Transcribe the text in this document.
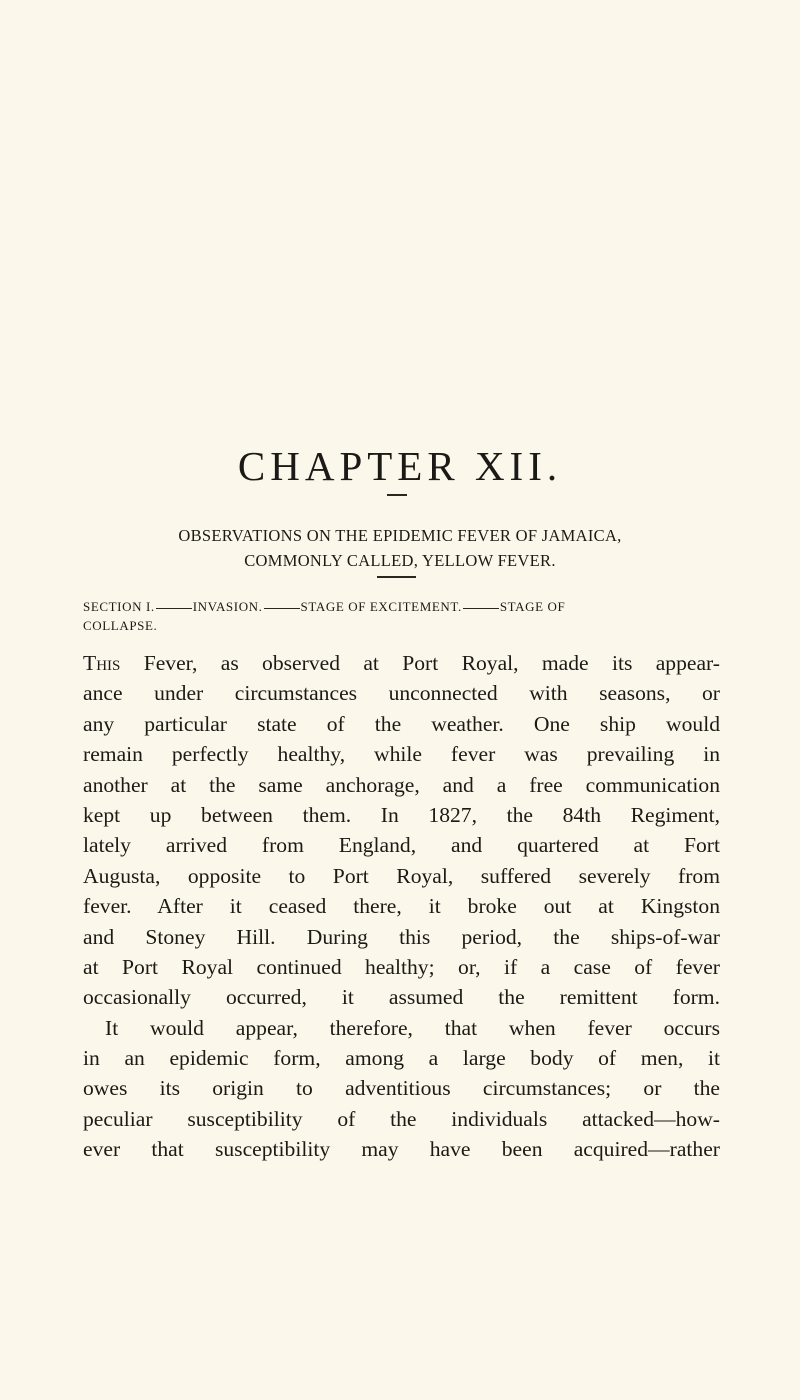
CHAPTER XII.
OBSERVATIONS ON THE EPIDEMIC FEVER OF JAMAICA,
COMMONLY CALLED, YELLOW FEVER.
SECTION I.	INVASION.	STAGE OF EXCITEMENT.	STAGE OF
COLLAPSE.
This Fever, as observed at Port Royal, made its appear-
ance under circumstances unconnected with seasons, or
any particular state of the weather. One ship would
remain perfectly healthy, while fever was prevailing in
another at the same anchorage, and a free communication
kept up between them. In 1827, the 84th Regiment,
lately arrived from England, and quartered at Fort
Augusta, opposite to Port Royal, suffered severely from
fever. After it ceased there, it broke out at Kingston
and Stoney Hill. During this period, the ships-of-war
at Port Royal continued healthy; or, if a case of fever
occasionally occurred, it assumed the remittent form.
It would appear, therefore, that when fever occurs
in an epidemic form, among a large body of men, it
owes its origin to adventitious circumstances; or the
peculiar susceptibility of the individuals attacked—how-
ever that susceptibility may have been acquired—rather
